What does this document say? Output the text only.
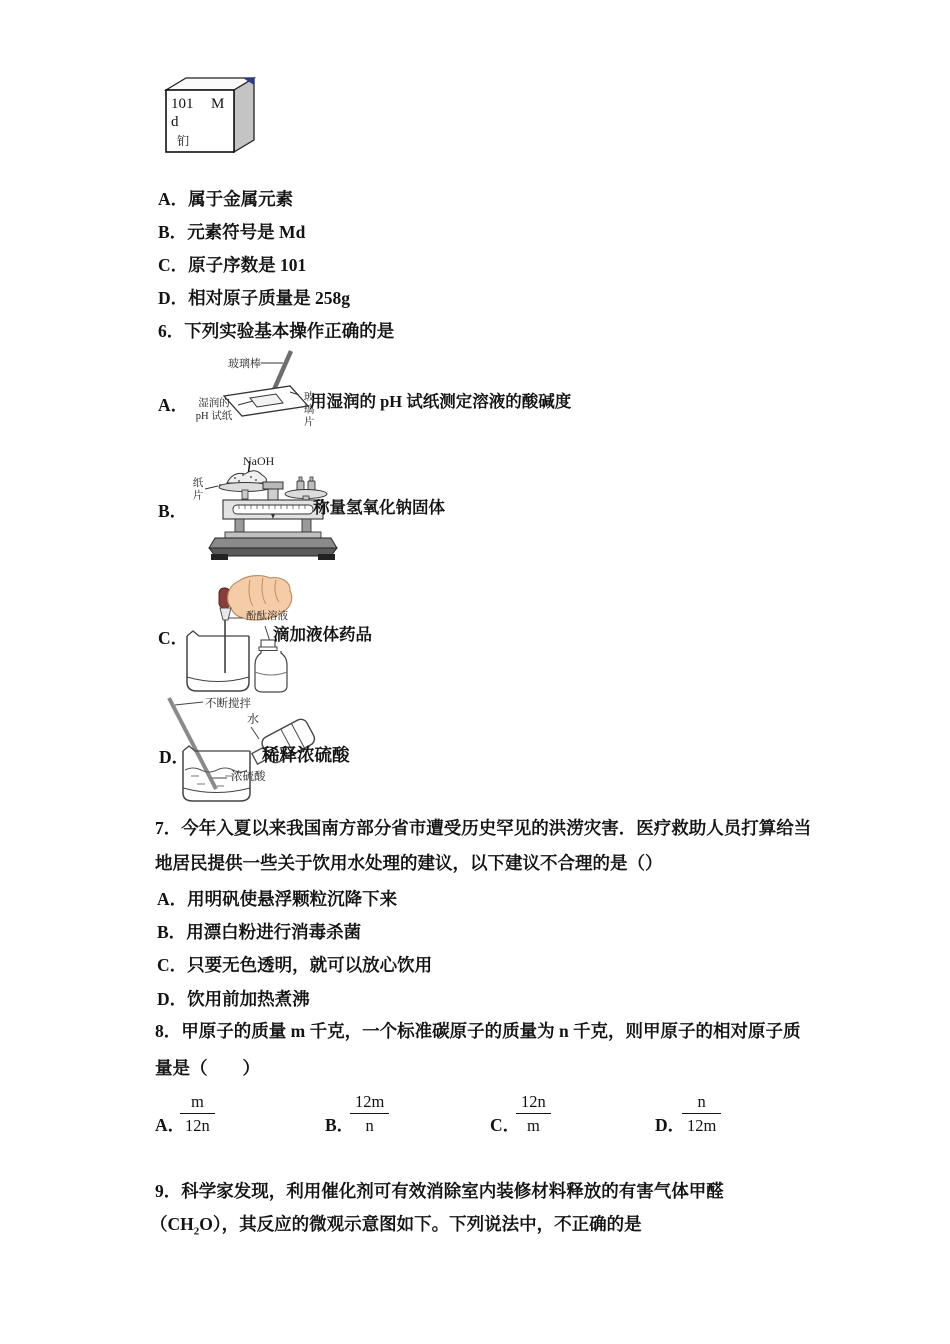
101 M
d
钔
A．属于金属元素
B．元素符号是 Md
C．原子序数是 101
D．相对原子质量是 258g
6．下列实验基本操作正确的是
玻璃棒
湿润的
pH 试纸	玻璃片
A．	用湿润的 pH 试纸测定溶液的酸碱度
NaOH
纸片
B．	称量氢氧化钠固体
酚酞溶液
C．	滴加液体药品
不断搅拌
水
浓硫酸
D．	稀释浓硫酸
7．今年入夏以来我国南方部分省市遭受历史罕见的洪涝灾害．医疗救助人员打算给当
地居民提供一些关于饮用水处理的建议，以下建议不合理的是（）
A．用明矾使悬浮颗粒沉降下来
B．用漂白粉进行消毒杀菌
C．只要无色透明，就可以放心饮用
D．饮用前加热煮沸
8．甲原子的质量 m 千克，一个标准碳原子的质量为 n 千克，则甲原子的相对原子质
量是（　　）
A．
$\frac{m}{12n}$	B．
$\frac{12m}{n}$	C．
$\frac{12n}{m}$	D．
$\frac{n}{12m}$
9．科学家发现，利用催化剂可有效消除室内装修材料释放的有害气体甲醛
$(CH_2O)$，其反应的微观示意图如下。下列说法中，不正确的是
